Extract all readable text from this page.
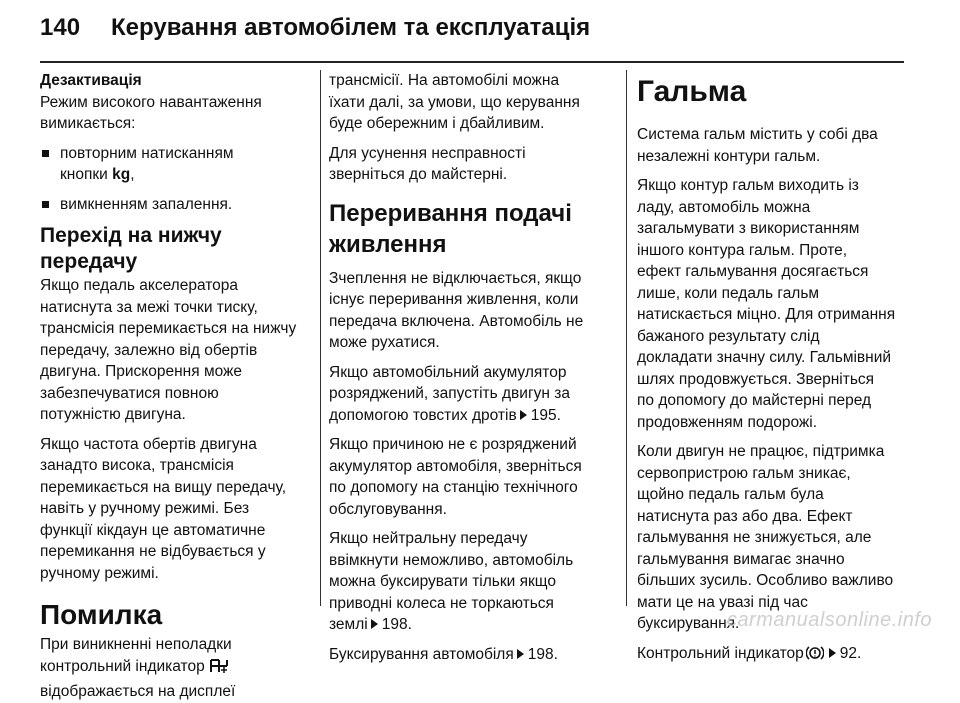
140 Керування автомобілем та експлуатація
Дезактивація

Режим високого навантаження
вимикається:

повторним натисканням
кнопки kg,
вимкненням запалення.
Перехід на нижчу передачу

Якщо педаль акселератора
натиснута за межі точки тиску,
трансмісія перемикається на нижчу
передачу, залежно від обертів
двигуна. Прискорення може
забезпечуватися повною
потужністю двигуна.

Якщо частота обертів двигуна
занадто висока, трансмісія
перемикається на вищу передачу,
навіть у ручному режимі. Без
функції кікдаун це автоматичне
перемикання не відбувається у
ручному режимі.

Помилка

При виникненні неполадки
контрольний індикатор
відображається на дисплеї

трансмісії. На автомобілі можна
їхати далі, за умови, що керування
буде обережним і дбайливим.

Для усунення несправності
зверніться до майстерні.

Переривання подачі
живлення

Зчеплення не відключається, якщо
існує переривання живлення, коли
передача включена. Автомобіль не
може рухатися.

Якщо автомобільний акумулятор
розряджений, запустіть двигун за
допомогою товстих дротів 195.

Якщо причиною не є розряджений
акумулятор автомобіля, зверніться
по допомогу на станцію технічного
обслуговування.

Якщо нейтральну передачу
ввімкнути неможливо, автомобіль
можна буксирувати тільки якщо
приводні колеса не торкаються
землі 198.

Буксирування автомобіля 198.

Гальма

Система гальм містить у собі два
незалежні контури гальм.

Якщо контур гальм виходить із
ладу, автомобіль можна
загальмувати з використанням
іншого контура гальм. Проте,
ефект гальмування досягається
лише, коли педаль гальм
натискається міцно. Для отримання
бажаного результату слід
докладати значну силу. Гальмівний
шлях продовжується. Зверніться
по допомогу до майстерні перед
продовженням подорожі.

Коли двигун не працює, підтримка
сервопристрою гальм зникає,
щойно педаль гальм була
натиснута раз або два. Ефект
гальмування не знижується, але
гальмування вимагає значно
більших зусиль. Особливо важливо
мати це на увазі під час
буксирування.

Контрольний індикатор 92.

carmanualsonline.info
